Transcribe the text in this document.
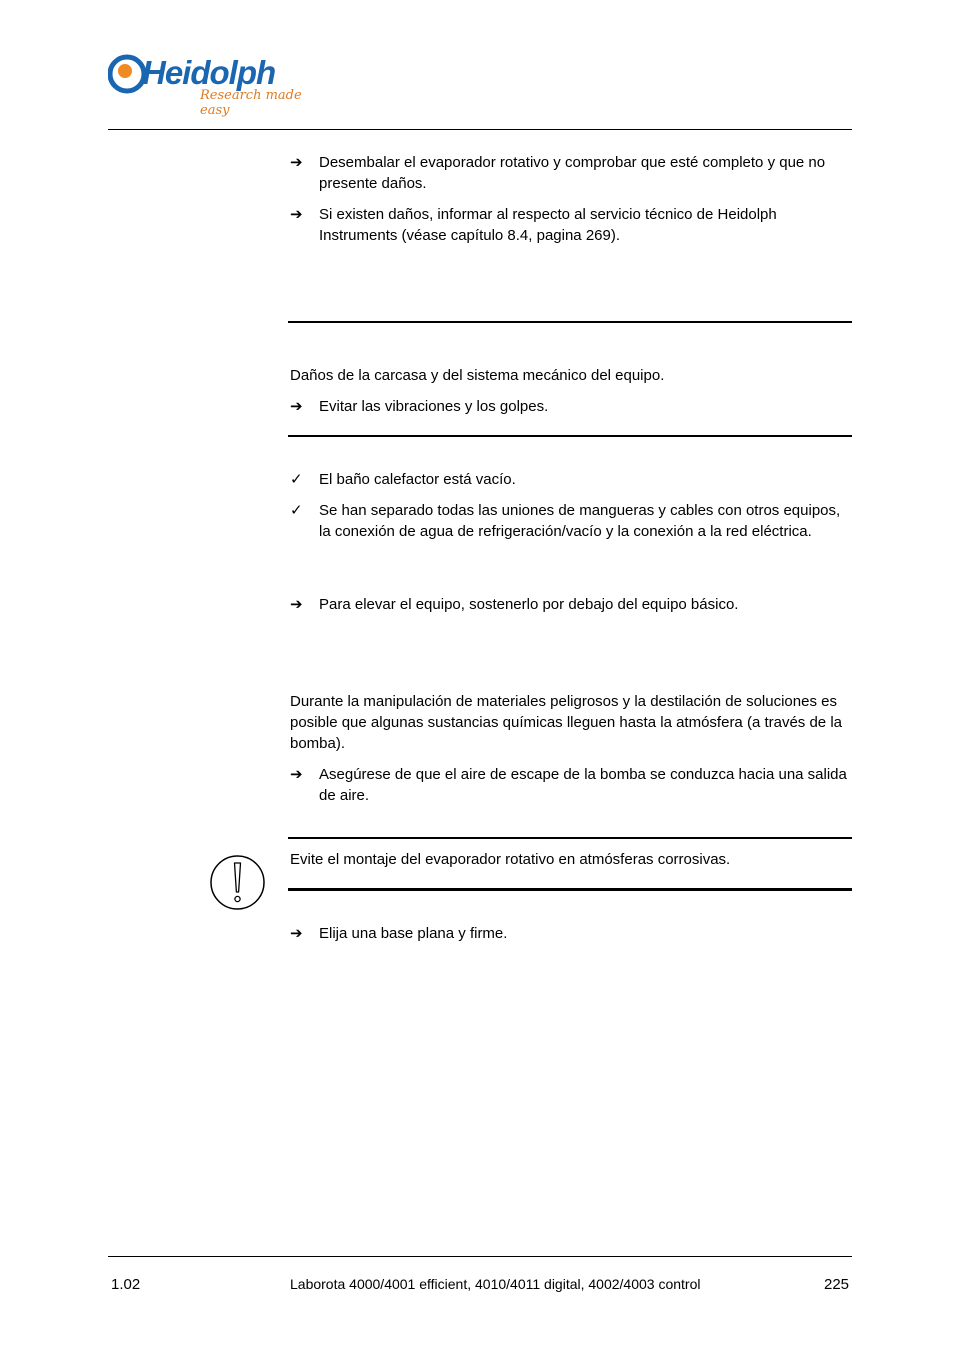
Heidolph
Research made easy
➔	Desembalar el evaporador rotativo y comprobar que esté completo y que no presente daños.
➔	Si existen daños, informar al respecto al servicio técnico de Heidolph Instruments (véase capítulo 8.4, pagina 269).
Daños de la carcasa y del sistema mecánico del equipo.
➔	Evitar las vibraciones y los golpes.
✓	El baño calefactor está vacío.
✓	Se han separado todas las uniones de mangueras y cables con otros equipos, la conexión de agua de refrigeración/vacío y la conexión a la red eléctrica.
➔	Para elevar el equipo, sostenerlo por debajo del equipo básico.
Durante la manipulación de materiales peligrosos y la destilación de soluciones es posible que algunas sustancias químicas lleguen hasta la atmósfera (a través de la bomba).
➔	Asegúrese de que el aire de escape de la bomba se conduzca hacia una salida de aire.
Evite el montaje del evaporador rotativo en atmósferas corrosivas.
➔	Elija una base plana y firme.
1.02	Laborota 4000/4001 efficient, 4010/4011 digital, 4002/4003 control	225
